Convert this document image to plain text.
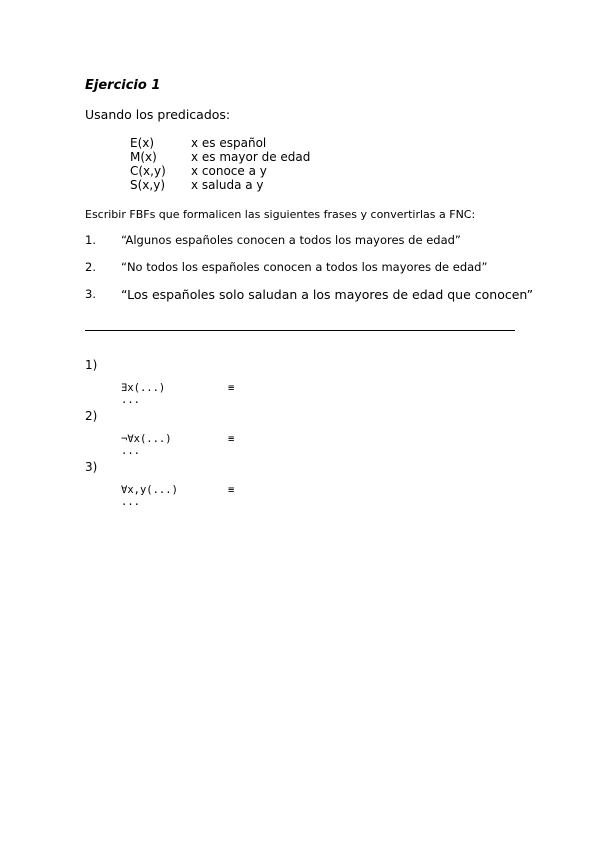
Ejercicio 1
Usando los predicados:
E(x)	x es español
M(x)	x es mayor de edad
C(x,y) x conoce a y
S(x,y) x saluda a y
Escribir FBFs que formalicen las siguientes frases y convertirlas a FNC:
1. “Algunos españoles conocen a todos los mayores de edad”
2. “No todos los españoles conocen a todos los mayores de edad”
3. “Los españoles solo saludan a los mayores de edad que conocen”
1)
∃x(...)	≡
...
2)
¬∀x(...)	≡
...
3)
∀x,y(...)	≡
...
